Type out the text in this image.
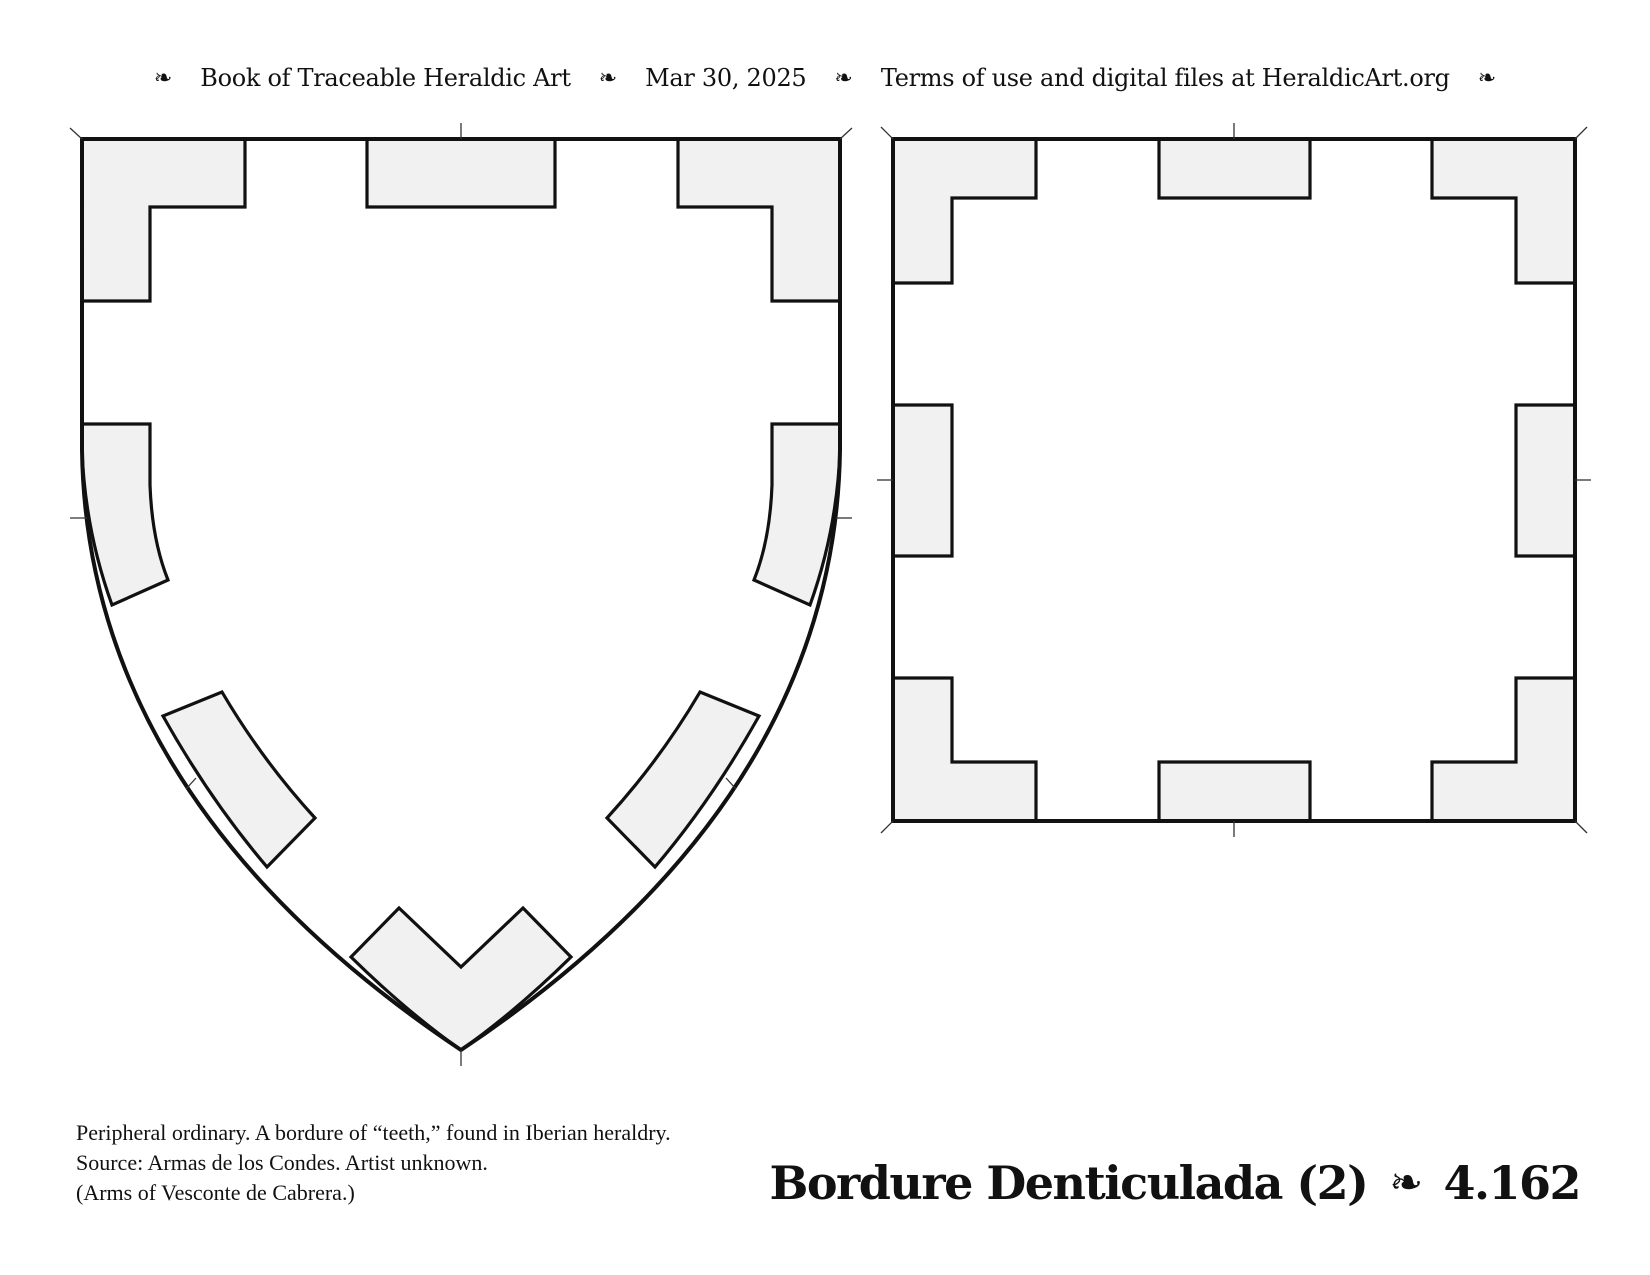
❧ Book of Traceable Heraldic Art ❧ Mar 30, 2025 ❧ Terms of use and digital files at HeraldicArt.org ❧
Peripheral ordinary. A bordure of “teeth,” found in Iberian heraldry.
Source: Armas de los Condes. Artist unknown.
(Arms of Vesconte de Cabrera.)	Bordure Denticulada (2) ❧ 4.162
